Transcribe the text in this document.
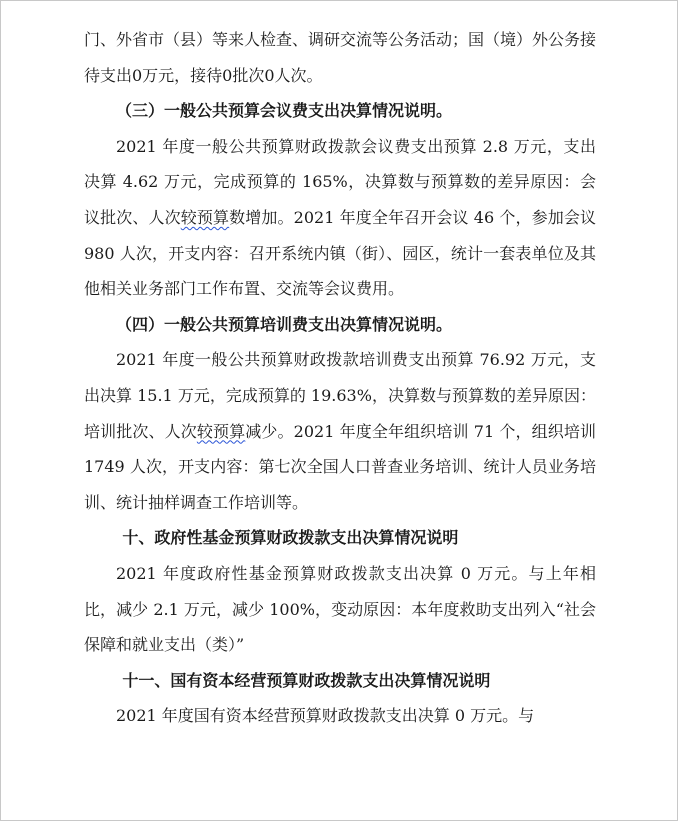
门、外省市（县）等来人检查、调研交流等公务活动；国（境）外公务接待支出0万元，接待0批次0人次。

（三）一般公共预算会议费支出决算情况说明。

2021 年度一般公共预算财政拨款会议费支出预算 2.8 万元，支出决算 4.62 万元，完成预算的 165%，决算数与预算数的差异原因：会议批次、人次较预算数增加。2021 年度全年召开会议 46 个，参加会议 980 人次，开支内容：召开系统内镇（街）、园区，统计一套表单位及其他相关业务部门工作布置、交流等会议费用。

（四）一般公共预算培训费支出决算情况说明。

2021 年度一般公共预算财政拨款培训费支出预算 76.92 万元，支出决算 15.1 万元，完成预算的 19.63%，决算数与预算数的差异原因：培训批次、人次较预算减少。2021 年度全年组织培训 71 个，组织培训 1749 人次，开支内容：第七次全国人口普查业务培训、统计人员业务培训、统计抽样调查工作培训等。

十、政府性基金预算财政拨款支出决算情况说明

2021 年度政府性基金预算财政拨款支出决算 0 万元。与上年相比，减少 2.1 万元，减少 100%，变动原因：本年度救助支出列入“社会保障和就业支出（类）”

十一、国有资本经营预算财政拨款支出决算情况说明

2021 年度国有资本经营预算财政拨款支出决算 0 万元。与
